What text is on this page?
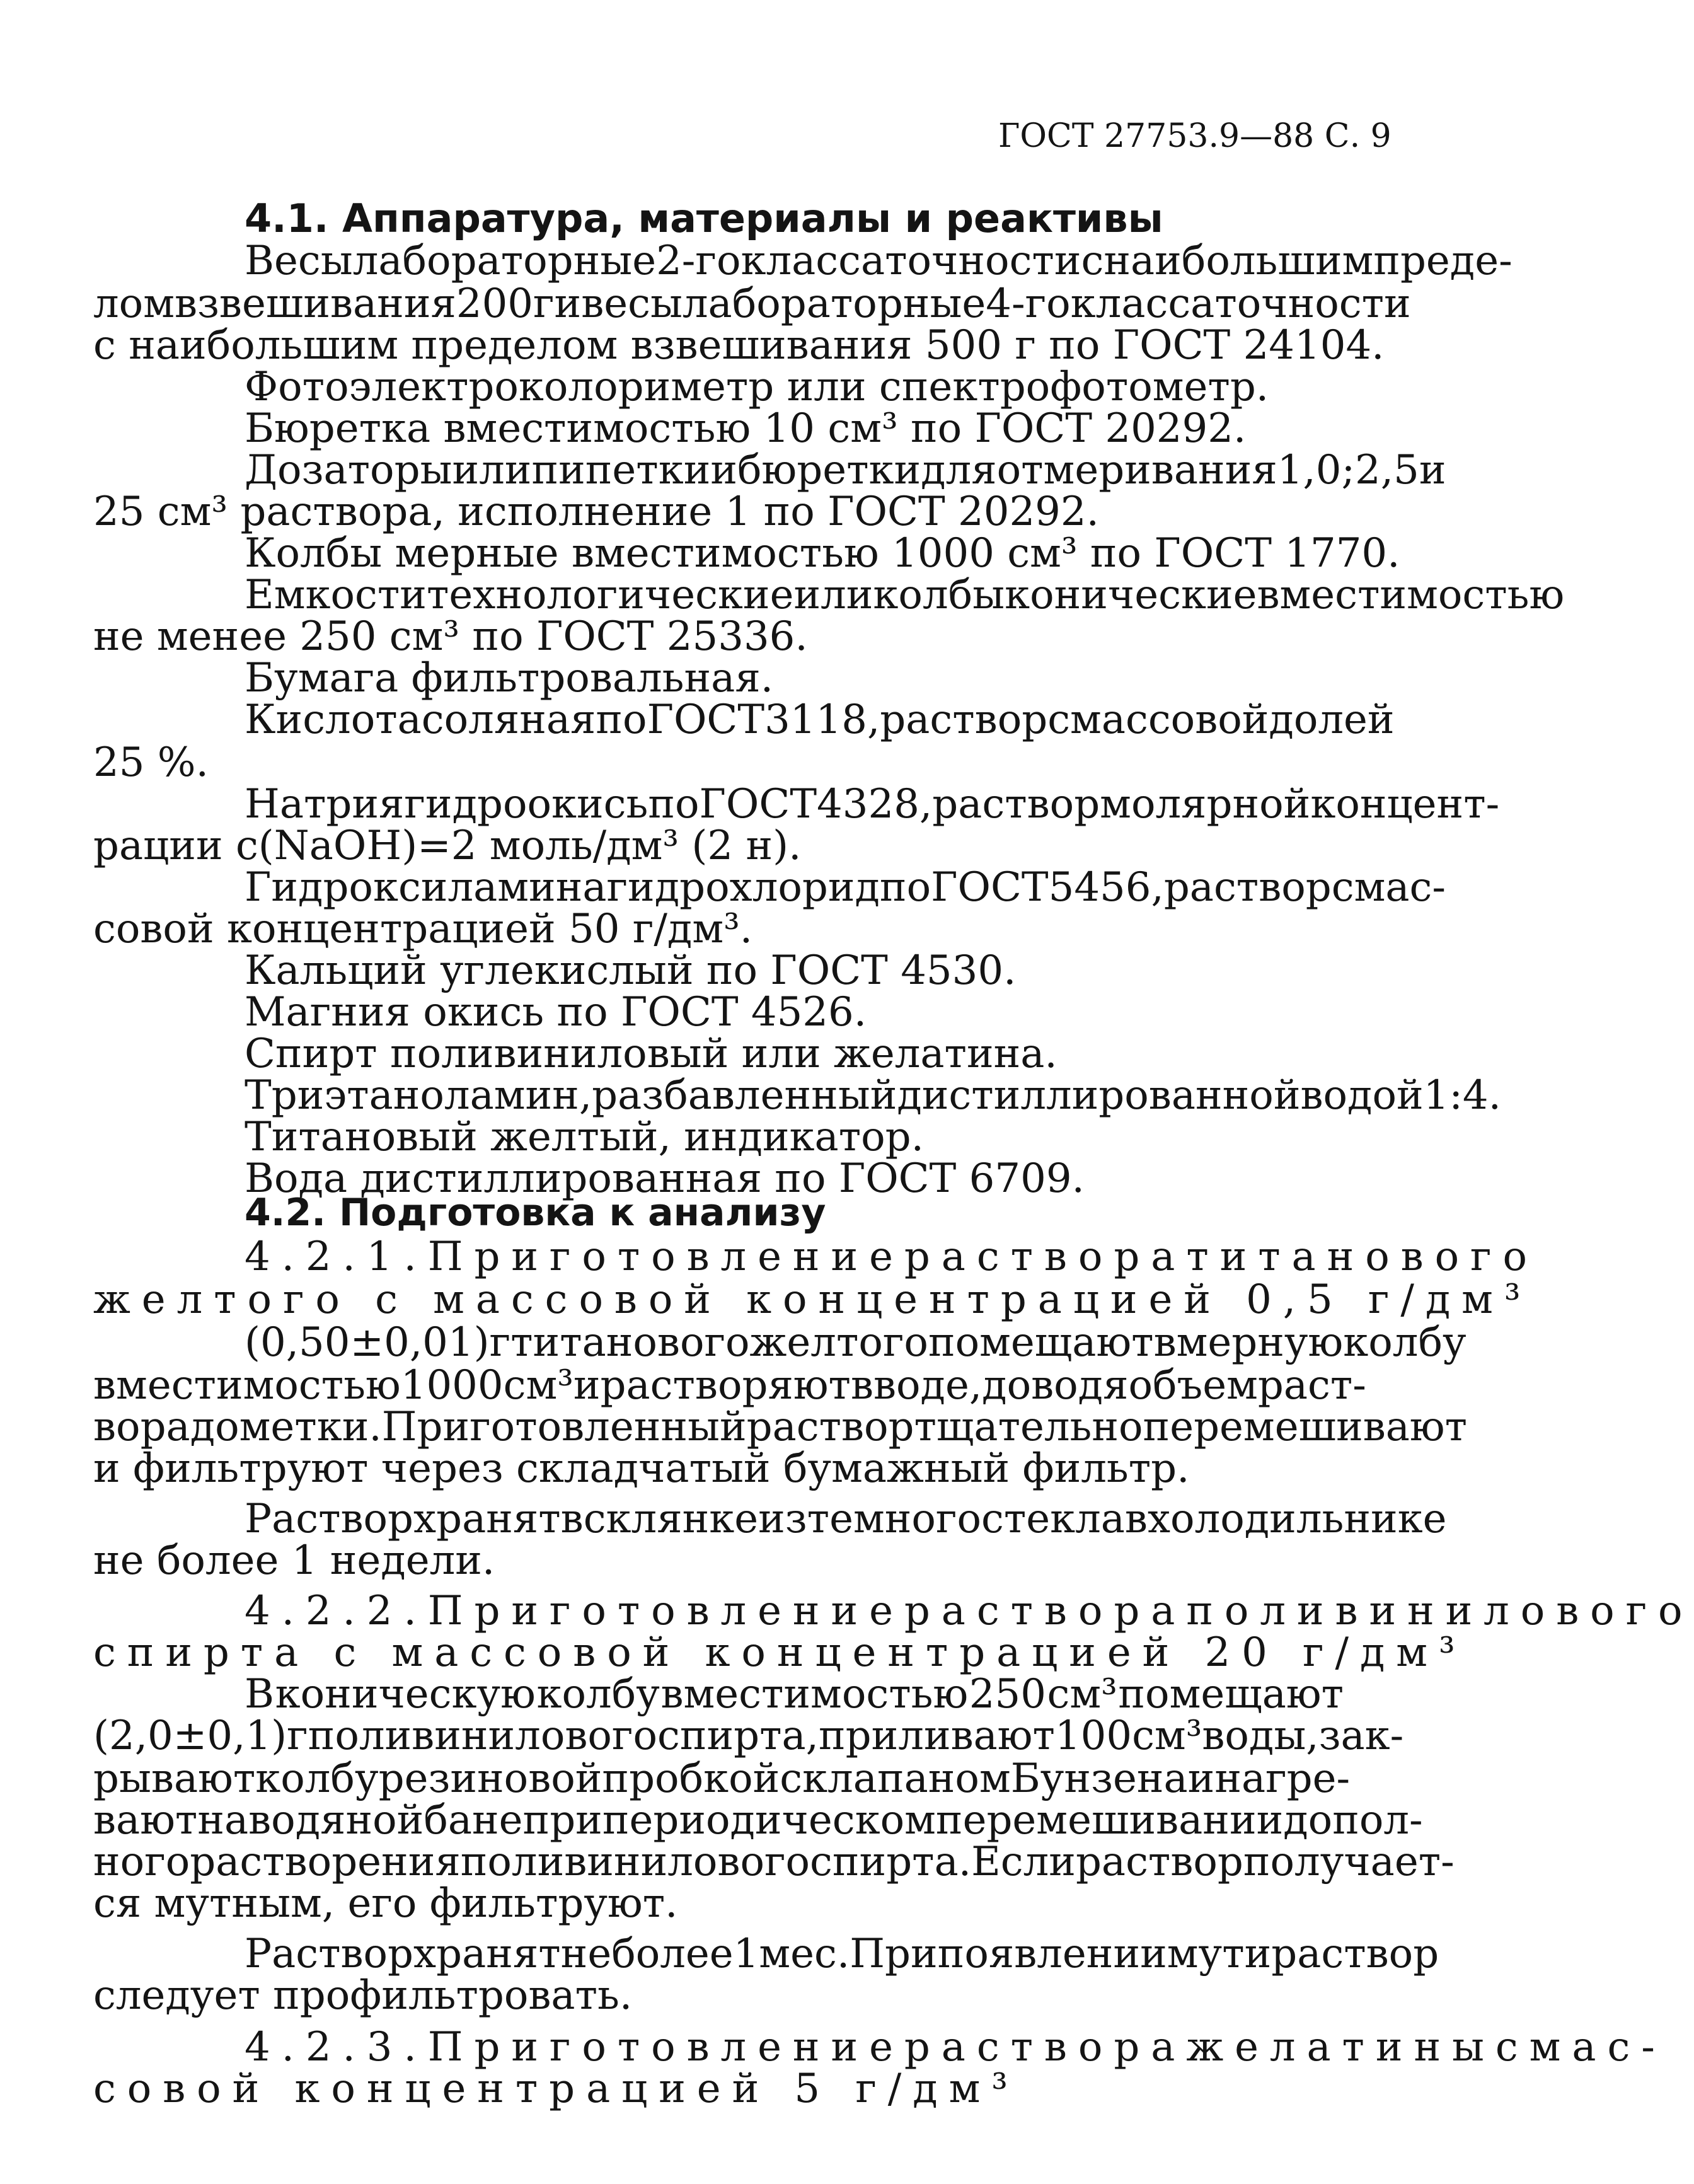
ГОСТ 27753.9—88 С. 9
4.1. Аппаратура, материалы и реактивы
Весы лабораторные 2-го класса точности с наибольшим преде-
лом взвешивания 200 г и весы лабораторные 4-го класса точности
с наибольшим пределом взвешивания 500 г по ГОСТ 24104.
Фотоэлектроколориметр или спектрофотометр.
Бюретка вместимостью 10 см³ по ГОСТ 20292.
Дозаторы или пипетки и бюретки для отмеривания 1,0; 2,5 и
25 см³ раствора, исполнение 1 по ГОСТ 20292.
Колбы мерные вместимостью 1000 см³ по ГОСТ 1770.
Емкости технологические или колбы конические вместимостью
не менее 250 см³ по ГОСТ 25336.
Бумага фильтровальная.
Кислота соляная по ГОСТ 3118, раствор с массовой долей
25 %.
Натрия гидроокись по ГОСТ 4328, раствор молярной концент-
рации c(NaOH)=2 моль/дм³ (2 н).
Гидроксиламина гидрохлорид по ГОСТ 5456, раствор с мас-
совой концентрацией 50 г/дм³.
Кальций углекислый по ГОСТ 4530.
Магния окись по ГОСТ 4526.
Спирт поливиниловый или желатина.
Триэтаноламин, разбавленный дистиллированной водой 1:4.
Титановый желтый, индикатор.
Вода дистиллированная по ГОСТ 6709.
4.2. Подготовка к анализу
4.2.1. Приготовление раствора титанового
желтого с массовой концентрацией 0,5 г/дм³
(0,50±0,01) г титанового желтого помещают в мерную колбу
вместимостью 1000 см³ и растворяют в воде, доводя объем раст-
вора до метки. Приготовленный раствор тщательно перемешивают
и фильтруют через складчатый бумажный фильтр.
Раствор хранят в склянке из темного стекла в холодильнике
не более 1 недели.
4.2.2. Приготовление раствора поливинилового
спирта с массовой концентрацией 20 г/дм³
В коническую колбу вместимостью 250 см³ помещают
(2,0±0,1) г поливинилового спирта, приливают 100 см³ воды, зак-
рывают колбу резиновой пробкой с клапаном Бунзена и нагре-
вают на водяной бане при периодическом перемешивании до пол-
ного растворения поливинилового спирта. Если раствор получает-
ся мутным, его фильтруют.
Раствор хранят не более 1 мес. При появлении мути раствор
следует профильтровать.
4.2.3. Приготовление раствора желатины с мас-
совой концентрацией 5 г/дм³
